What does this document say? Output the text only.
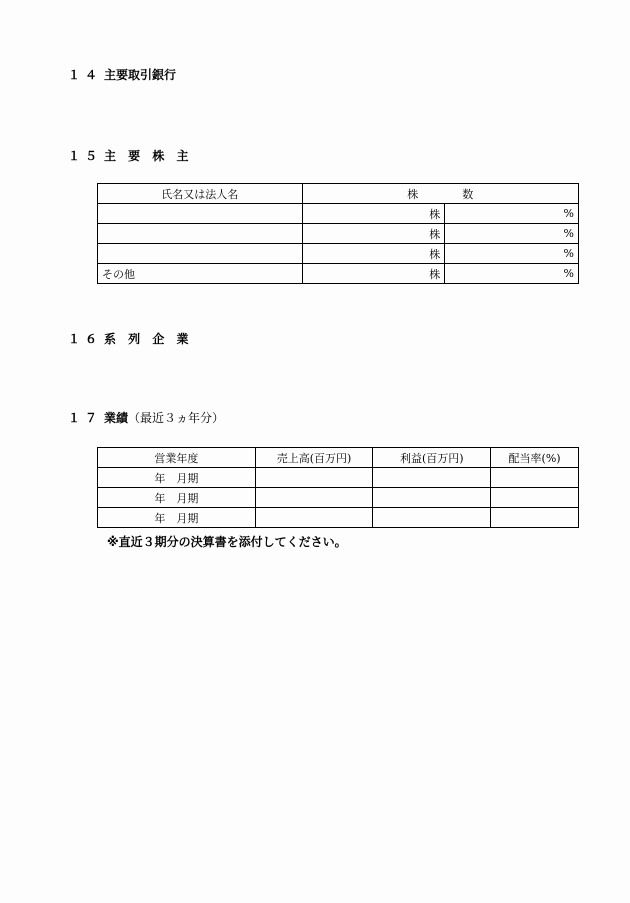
１４ 主要取引銀行
１５ 主 要 株 主
氏名又は法人名	株　　　　数	
	株	%
	株	%
	株	%
その他	株	%
１６ 系 列 企 業
１７ 業績（最近３ヵ年分）
営業年度	売上高(百万円)	利益(百万円)	配当率(%)
年　月期			
年　月期			
年　月期			
※直近３期分の決算書を添付してください。
